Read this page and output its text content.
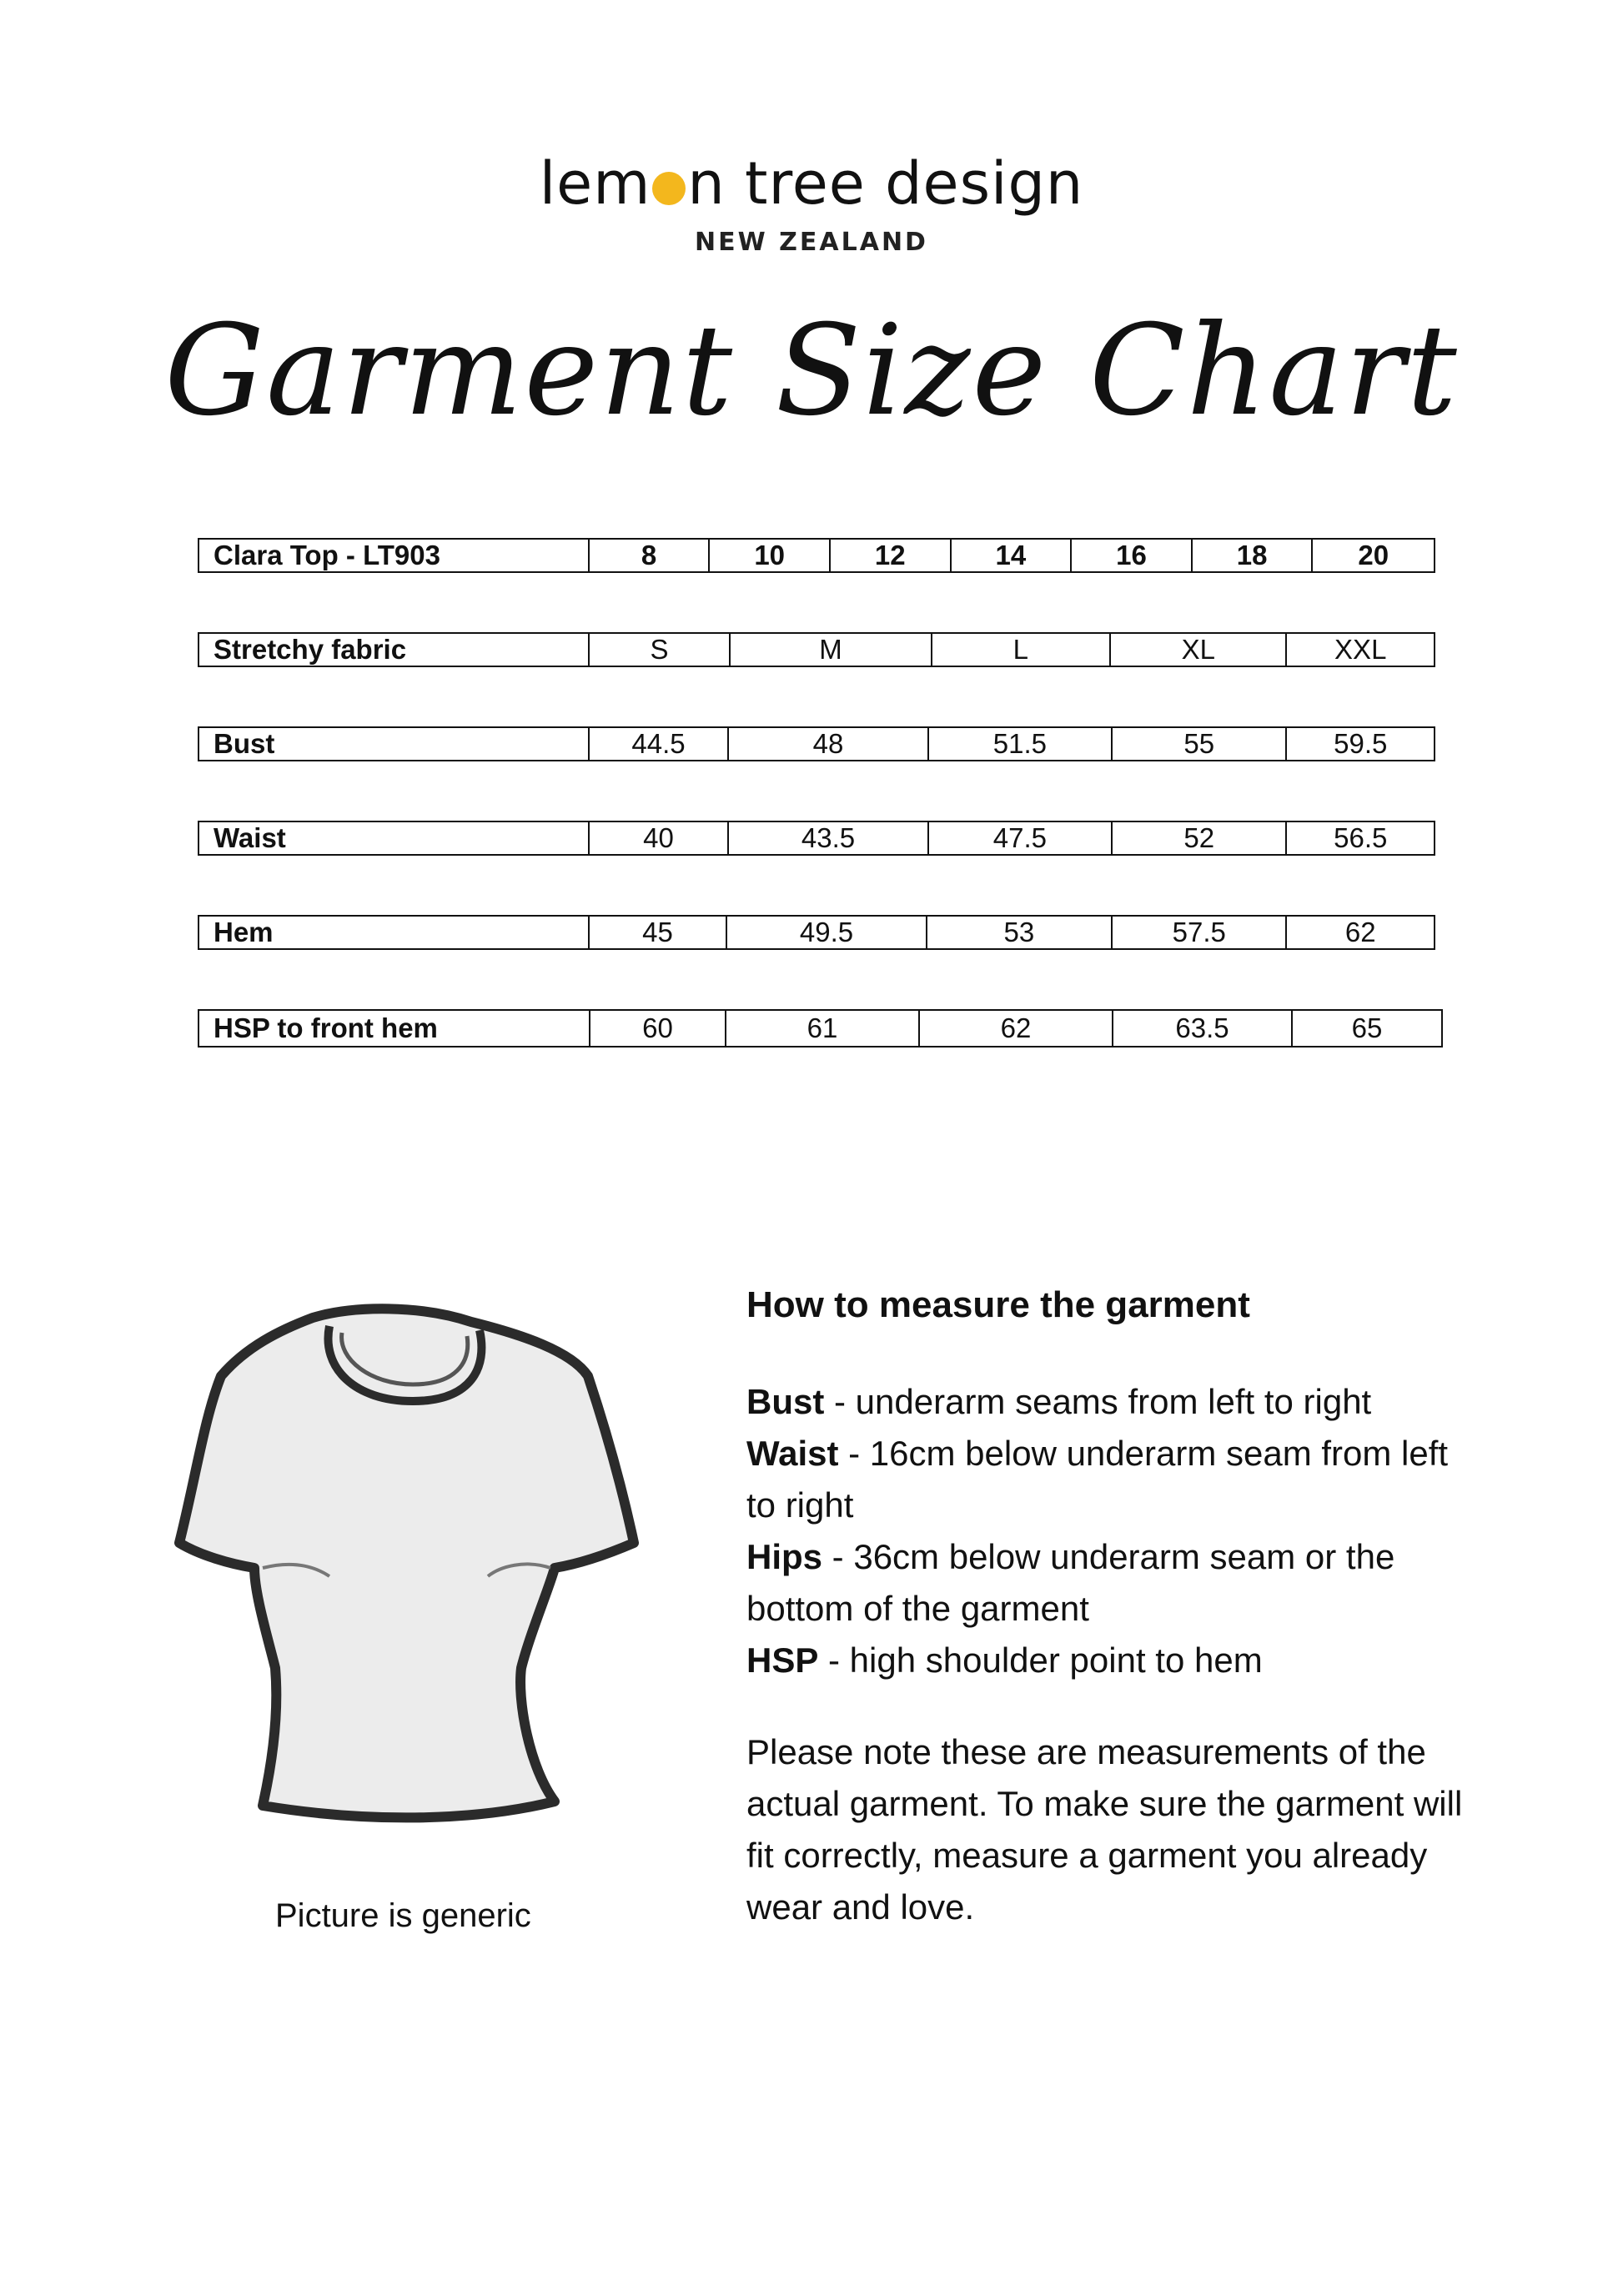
lem n tree design
NEW ZEALAND
Garment Size Chart
Clara Top - LT903	8	10	12	14	16	18	20
Stretchy fabric	S	M	L	XL	XXL
Bust	44.5	48	51.5	55	59.5
Waist	40	43.5	47.5	52	56.5
Hem	45	49.5	53	57.5	62
HSP to front hem	60	61	62	63.5	65
Picture is generic
How to measure the garment
Bust - underarm seams from left to right
Waist - 16cm below underarm seam from left to right
Hips - 36cm below underarm seam or the bottom of the garment
HSP - high shoulder point to hem
Please note these are measurements of the actual garment. To make sure the garment will fit correctly, measure a garment you already wear and love.
